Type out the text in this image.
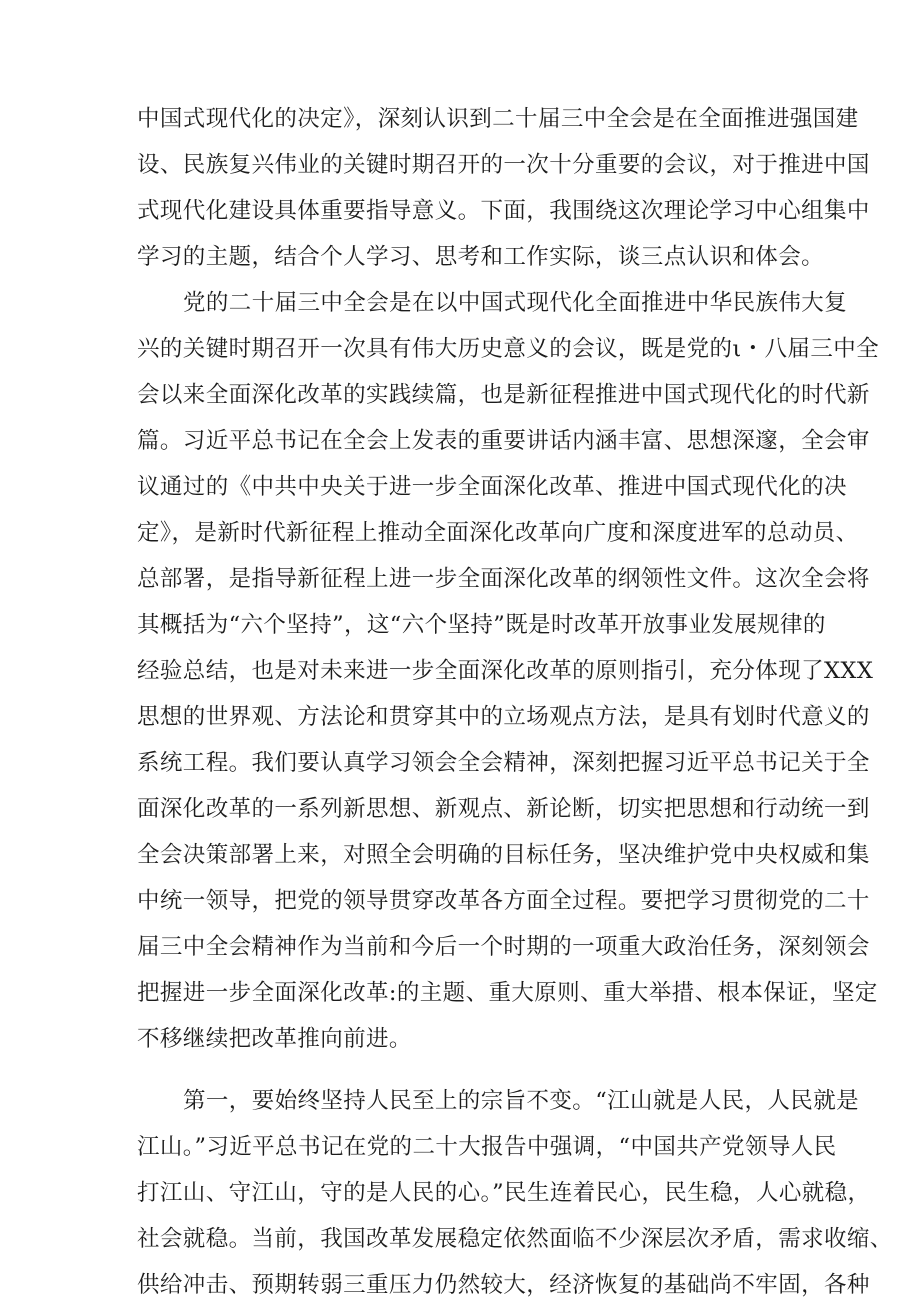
中国式现代化的决定》，深刻认识到二十届三中全会是在全面推进强国建
设、民族复兴伟业的关键时期召开的一次十分重要的会议，对于推进中国
式现代化建设具体重要指导意义。下面，我围绕这次理论学习中心组集中
学习的主题，结合个人学习、思考和工作实际，谈三点认识和体会。
党的二十届三中全会是在以中国式现代化全面推进中华民族伟大复
兴的关键时期召开一次具有伟大历史意义的会议，既是党的ι・八届三中全
会以来全面深化改革的实践续篇，也是新征程推进中国式现代化的时代新
篇。习近平总书记在全会上发表的重要讲话内涵丰富、思想深邃，全会审
议通过的《中共中央关于进一步全面深化改革、推进中国式现代化的决
定》，是新时代新征程上推动全面深化改革向广度和深度进军的总动员、
总部署，是指导新征程上进一步全面深化改革的纲领性文件。这次全会将
其概括为“六个坚持”，这“六个坚持”既是时改革开放事业发展规律的
经验总结，也是对未来进一步全面深化改革的原则指引，充分体现了XXX
思想的世界观、方法论和贯穿其中的立场观点方法，是具有划时代意义的
系统工程。我们要认真学习领会全会精神，深刻把握习近平总书记关于全
面深化改革的一系列新思想、新观点、新论断，切实把思想和行动统一到
全会决策部署上来，对照全会明确的目标任务，坚决维护党中央权威和集
中统一领导，把党的领导贯穿改革各方面全过程。要把学习贯彻党的二十
届三中全会精神作为当前和今后一个时期的一项重大政治任务，深刻领会
把握进一步全面深化改革:的主题、重大原则、重大举措、根本保证，坚定
不移继续把改革推向前进。
第一，要始终坚持人民至上的宗旨不变。“江山就是人民，人民就是
江山。”习近平总书记在党的二十大报告中强调，“中国共产党领导人民
打江山、守江山，守的是人民的心。”民生连着民心，民生稳，人心就稳，
社会就稳。当前，我国改革发展稳定依然面临不少深层次矛盾，需求收缩、
供给冲击、预期转弱三重压力仍然较大，经济恢复的基础尚不牢固，各种
